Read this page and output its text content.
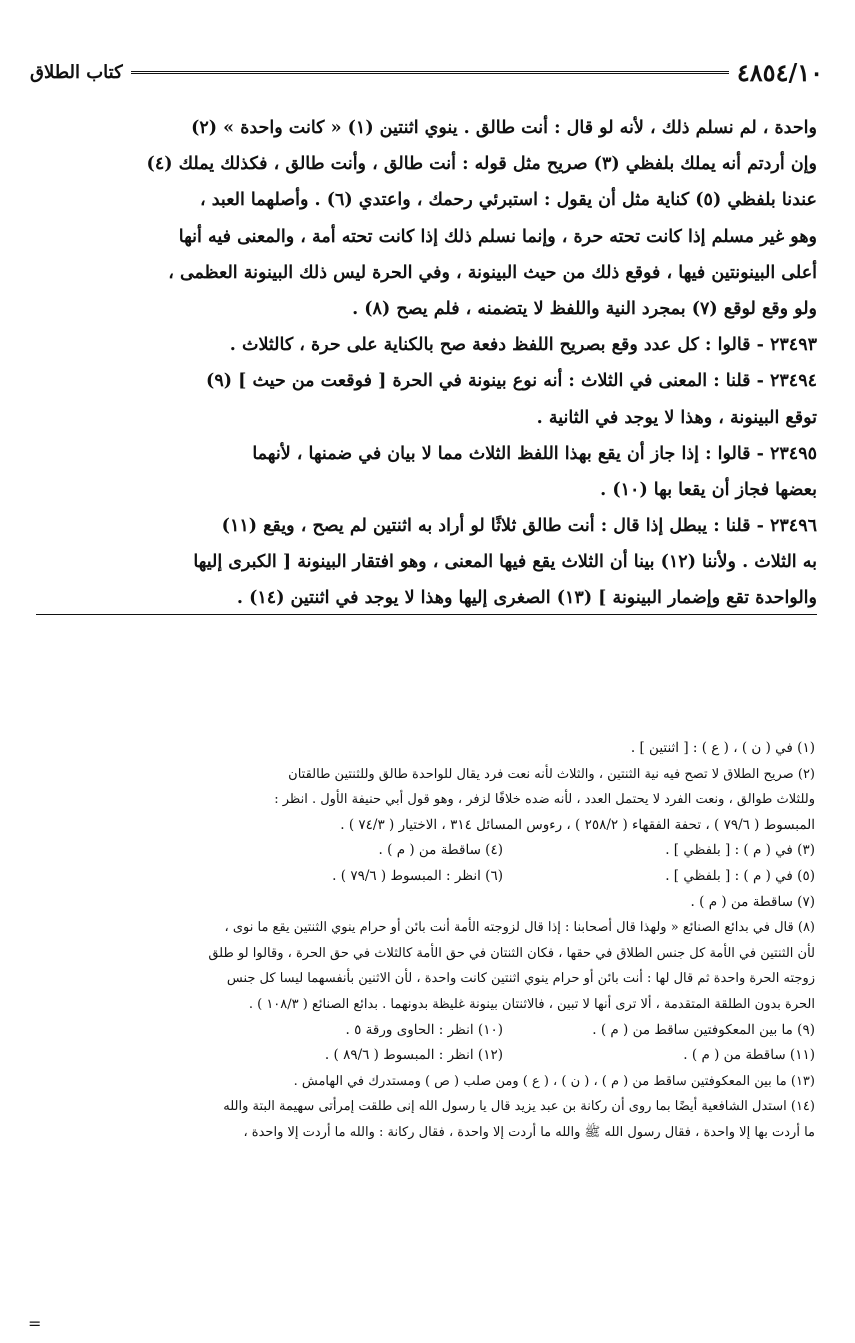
٤٨٥٤/١٠
كتاب الطلاق
واحدة ، لم نسلم ذلك ، لأنه لو قال : أنت طالق . ينوي اثنتين (١) « كانت واحدة » (٢)
وإن أردتم أنه يملك بلفظي (٣) صريح مثل قوله : أنت طالق ، وأنت طالق ، فكذلك يملك (٤)
عندنا بلفظي (٥) كناية مثل أن يقول : استبرئي رحمك ، واعتدي (٦) . وأصلهما العبد ،
وهو غير مسلم إذا كانت تحته حرة ، وإنما نسلم ذلك إذا كانت تحته أمة ، والمعنى فيه أنها
أعلى البينونتين فيها ، فوقع ذلك من حيث البينونة ، وفي الحرة ليس ذلك البينونة العظمى ،
ولو وقع لوقع (٧) بمجرد النية واللفظ لا يتضمنه ، فلم يصح (٨) .
٢٣٤٩٣ - قالوا : كل عدد وقع بصريح اللفظ دفعة صح بالكناية على حرة ، كالثلاث .
٢٣٤٩٤ - قلنا : المعنى في الثلاث : أنه نوع بينونة في الحرة [ فوقعت من حيث ] (٩)
توقع البينونة ، وهذا لا يوجد في الثانية .
٢٣٤٩٥ - قالوا : إذا جاز أن يقع بهذا اللفظ الثلاث مما لا بيان في ضمنها ، لأنهما
بعضها فجاز أن يقعا بها (١٠) .
٢٣٤٩٦ - قلنا : يبطل إذا قال : أنت طالق ثلاثًا لو أراد به اثنتين لم يصح ، ويقع (١١)
به الثلاث . ولأننا (١٢) بينا أن الثلاث يقع فيها المعنى ، وهو افتقار البينونة [ الكبرى إليها
والواحدة تقع وإضمار البينونة ] (١٣) الصغرى إليها وهذا لا يوجد في اثنتين (١٤) .
(١) في ( ن ) ، ( ع ) : [ اثنتين ] .
(٢) صريح الطلاق لا تصح فيه نية الثنتين ، والثلاث لأنه نعت فرد يقال للواحدة طالق وللثنتين طالقتان
وللثلاث طوالق ، ونعت الفرد لا يحتمل العدد ، لأنه ضده خلافًا لزفر ، وهو قول أبي حنيفة الأول . انظر :
المبسوط ( ٧٩/٦ ) ، تحفة الفقهاء ( ٢٥٨/٢ ) ، رءوس المسائل ٣١٤ ، الاختيار ( ٧٤/٣ ) .
(٣) في ( م ) : [ بلفظي ] .
(٤) ساقطة من ( م ) .
(٥) في ( م ) : [ بلفظي ] .
(٦) انظر : المبسوط ( ٧٩/٦ ) .
(٧) ساقطة من ( م ) .
(٨) قال في بدائع الصنائع « ولهذا قال أصحابنا : إذا قال لزوجته الأمة أنت بائن أو حرام ينوي الثنتين يقع ما نوى ،
لأن الثنتين في الأمة كل جنس الطلاق في حقها ، فكان الثنتان في حق الأمة كالثلاث في حق الحرة ، وقالوا لو طلق
زوجته الحرة واحدة ثم قال لها : أنت بائن أو حرام ينوي اثنتين كانت واحدة ، لأن الاثنين بأنفسهما ليسا كل جنس
الحرة بدون الطلقة المتقدمة ، ألا ترى أنها لا تبين ، فالاثنتان بينونة غليظة بدونهما . بدائع الصنائع ( ١٠٨/٣ ) .
(٩) ما بين المعكوفتين ساقط من ( م ) .
(١٠) انظر : الحاوى ورقة ٥ .
(١١) ساقطة من ( م ) .
(١٢) انظر : المبسوط ( ٨٩/٦ ) .
(١٣) ما بين المعكوفتين ساقط من ( م ) ، ( ن ) ، ( ع ) ومن صلب ( ص ) ومستدرك في الهامش .
(١٤) استدل الشافعية أيضًا بما روى أن ركانة بن عبد يزيد قال يا رسول الله إنى طلقت إمرأتى سهيمة البتة والله
ما أردت بها إلا واحدة ، فقال رسول الله ﷺ والله ما أردت إلا واحدة ، فقال ركانة : والله ما أردت إلا واحدة ،
=
